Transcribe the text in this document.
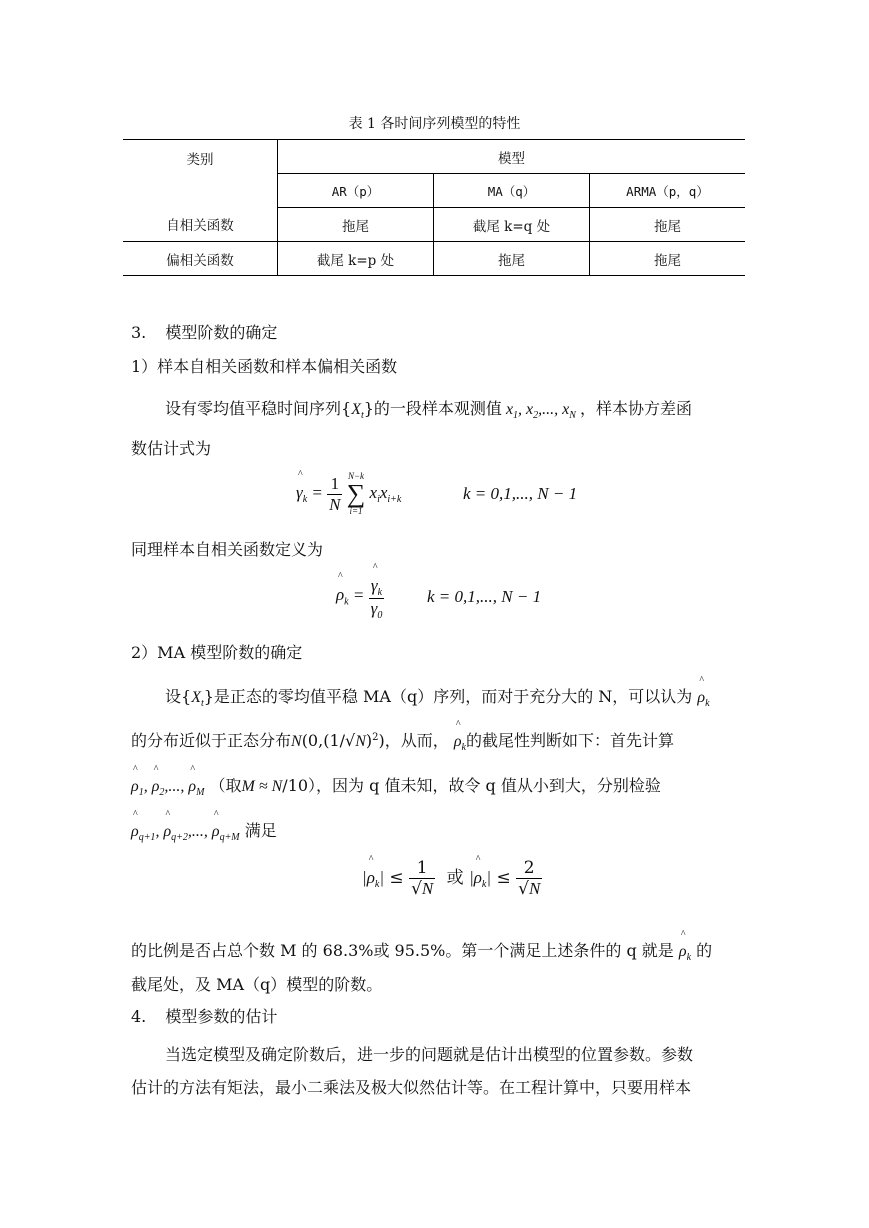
表 1 各时间序列模型的特性
类别	模型		
	AR（p）	MA（q）	ARMA（p，q）
自相关函数	拖尾	截尾 k=q 处	拖尾
偏相关函数	截尾 k=p 处	拖尾	拖尾
3. 模型阶数的确定
1）样本自相关函数和样本偏相关函数
设有零均值平稳时间序列$\{X_t\}$的一段样本观测值 $x_1$, $x_2$,..., $x_N$ ，样本协方差函
数估计式为
^ $\gamma_k = \frac{1}{N}$
N−k
∑
i=1
$x_ix_{i+k}$	k = 0,1,..., N − 1
同理样本自相关函数定义为
^ $\rho_k$ = ^ $\frac{\gamma_k}{\gamma_0}$	k = 0,1,..., N − 1
2）MA 模型阶数的确定
设$\{X_t\}$是正态的零均值平稳 MA（q）序列，而对于充分大的 N，可以认为 ^ $\rho_k$
的分布近似于正态分布$N(0,(1/√N)^2)$，从而， ^ $\rho_k$的截尾性判断如下：首先计算
^ $\rho_1$, ^ $\rho_2$,..., ^ $\rho_M$ （取M ≈ N/10），因为 q 值未知，故令 q 值从小到大，分别检验
^ $\rho_{q+1}$, ^ $\rho_{q+2}$,..., ^ $\rho_{q+M}$ 满足
|^ $\rho_k| \le \frac{1}{√N}$ 或 |^ $\rho_k| \le \frac{2}{√N}$
的比例是否占总个数 M 的 68.3%或 95.5%。第一个满足上述条件的 q 就是 ^ $\rho_k$ 的
截尾处，及 MA（q）模型的阶数。
4. 模型参数的估计
当选定模型及确定阶数后，进一步的问题就是估计出模型的位置参数。参数
估计的方法有矩法，最小二乘法及极大似然估计等。在工程计算中，只要用样本
